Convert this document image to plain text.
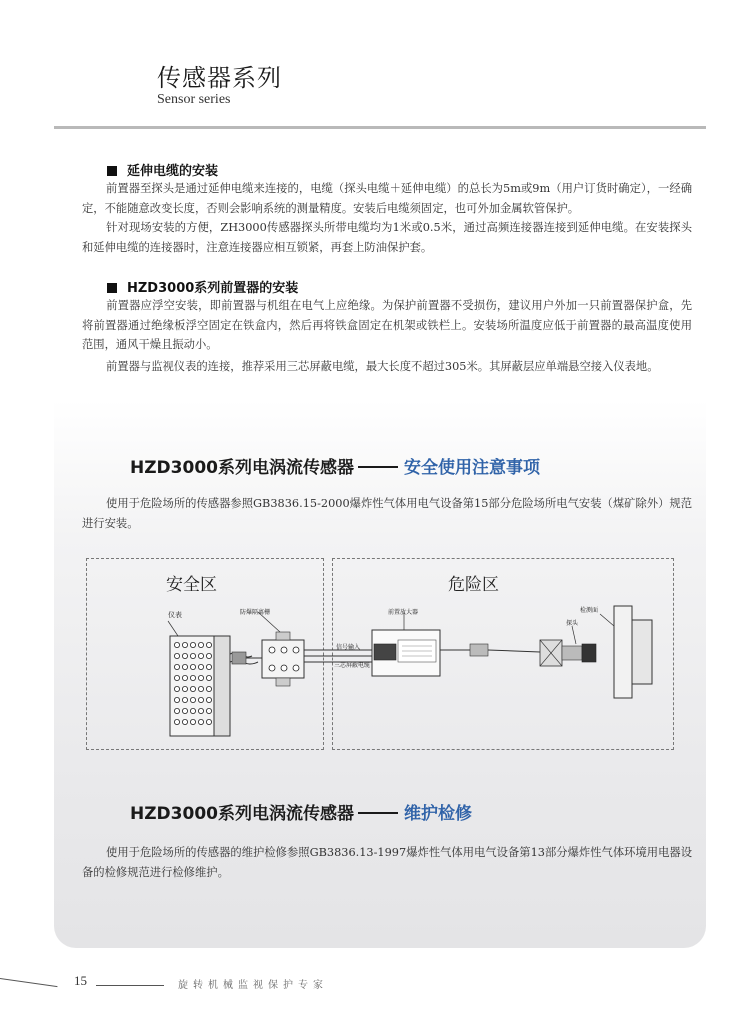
传感器系列
Sensor series
延伸电缆的安装

前置器至探头是通过延伸电缆来连接的，电缆（探头电缆＋延伸电缆）的总长为5m或9m（用户订货时确定），一经确定，不能随意改变长度，否则会影响系统的测量精度。安装后电缆须固定，也可外加金属软管保护。

针对现场安装的方便，ZH3000传感器探头所带电缆均为1米或0.5米，通过高频连接器连接到延伸电缆。在安装探头和延伸电缆的连接器时，注意连接器应相互锁紧，再套上防油保护套。

HZD3000系列前置器的安装

前置器应浮空安装，即前置器与机组在电气上应绝缘。为保护前置器不受损伤，建议用户外加一只前置器保护盒，先将前置器通过绝缘板浮空固定在铁盒内，然后再将铁盒固定在机架或铁栏上。安装场所温度应低于前置器的最高温度使用范围，通风干燥且振动小。

前置器与监视仪表的连接，推荐采用三芯屏蔽电缆，最大长度不超过305米。其屏蔽层应单端悬空接入仪表地。

HZD3000系列电涡流传感器	安全使用注意事项

使用于危险场所的传感器参照GB3836.15-2000爆炸性气体用电气设备第15部分危险场所电气安装（煤矿除外）规范进行安装。

安全区	危险区
仪表	防爆隔离栅	前置放大器	检测面
探头
信号输入
三芯屏蔽电缆
HZD3000系列电涡流传感器	维护检修

使用于危险场所的传感器的维护检修参照GB3836.13-1997爆炸性气体用电气设备第13部分爆炸性气体环境用电器设备的检修规范进行检修维护。

15	旋转机械监视保护专家
